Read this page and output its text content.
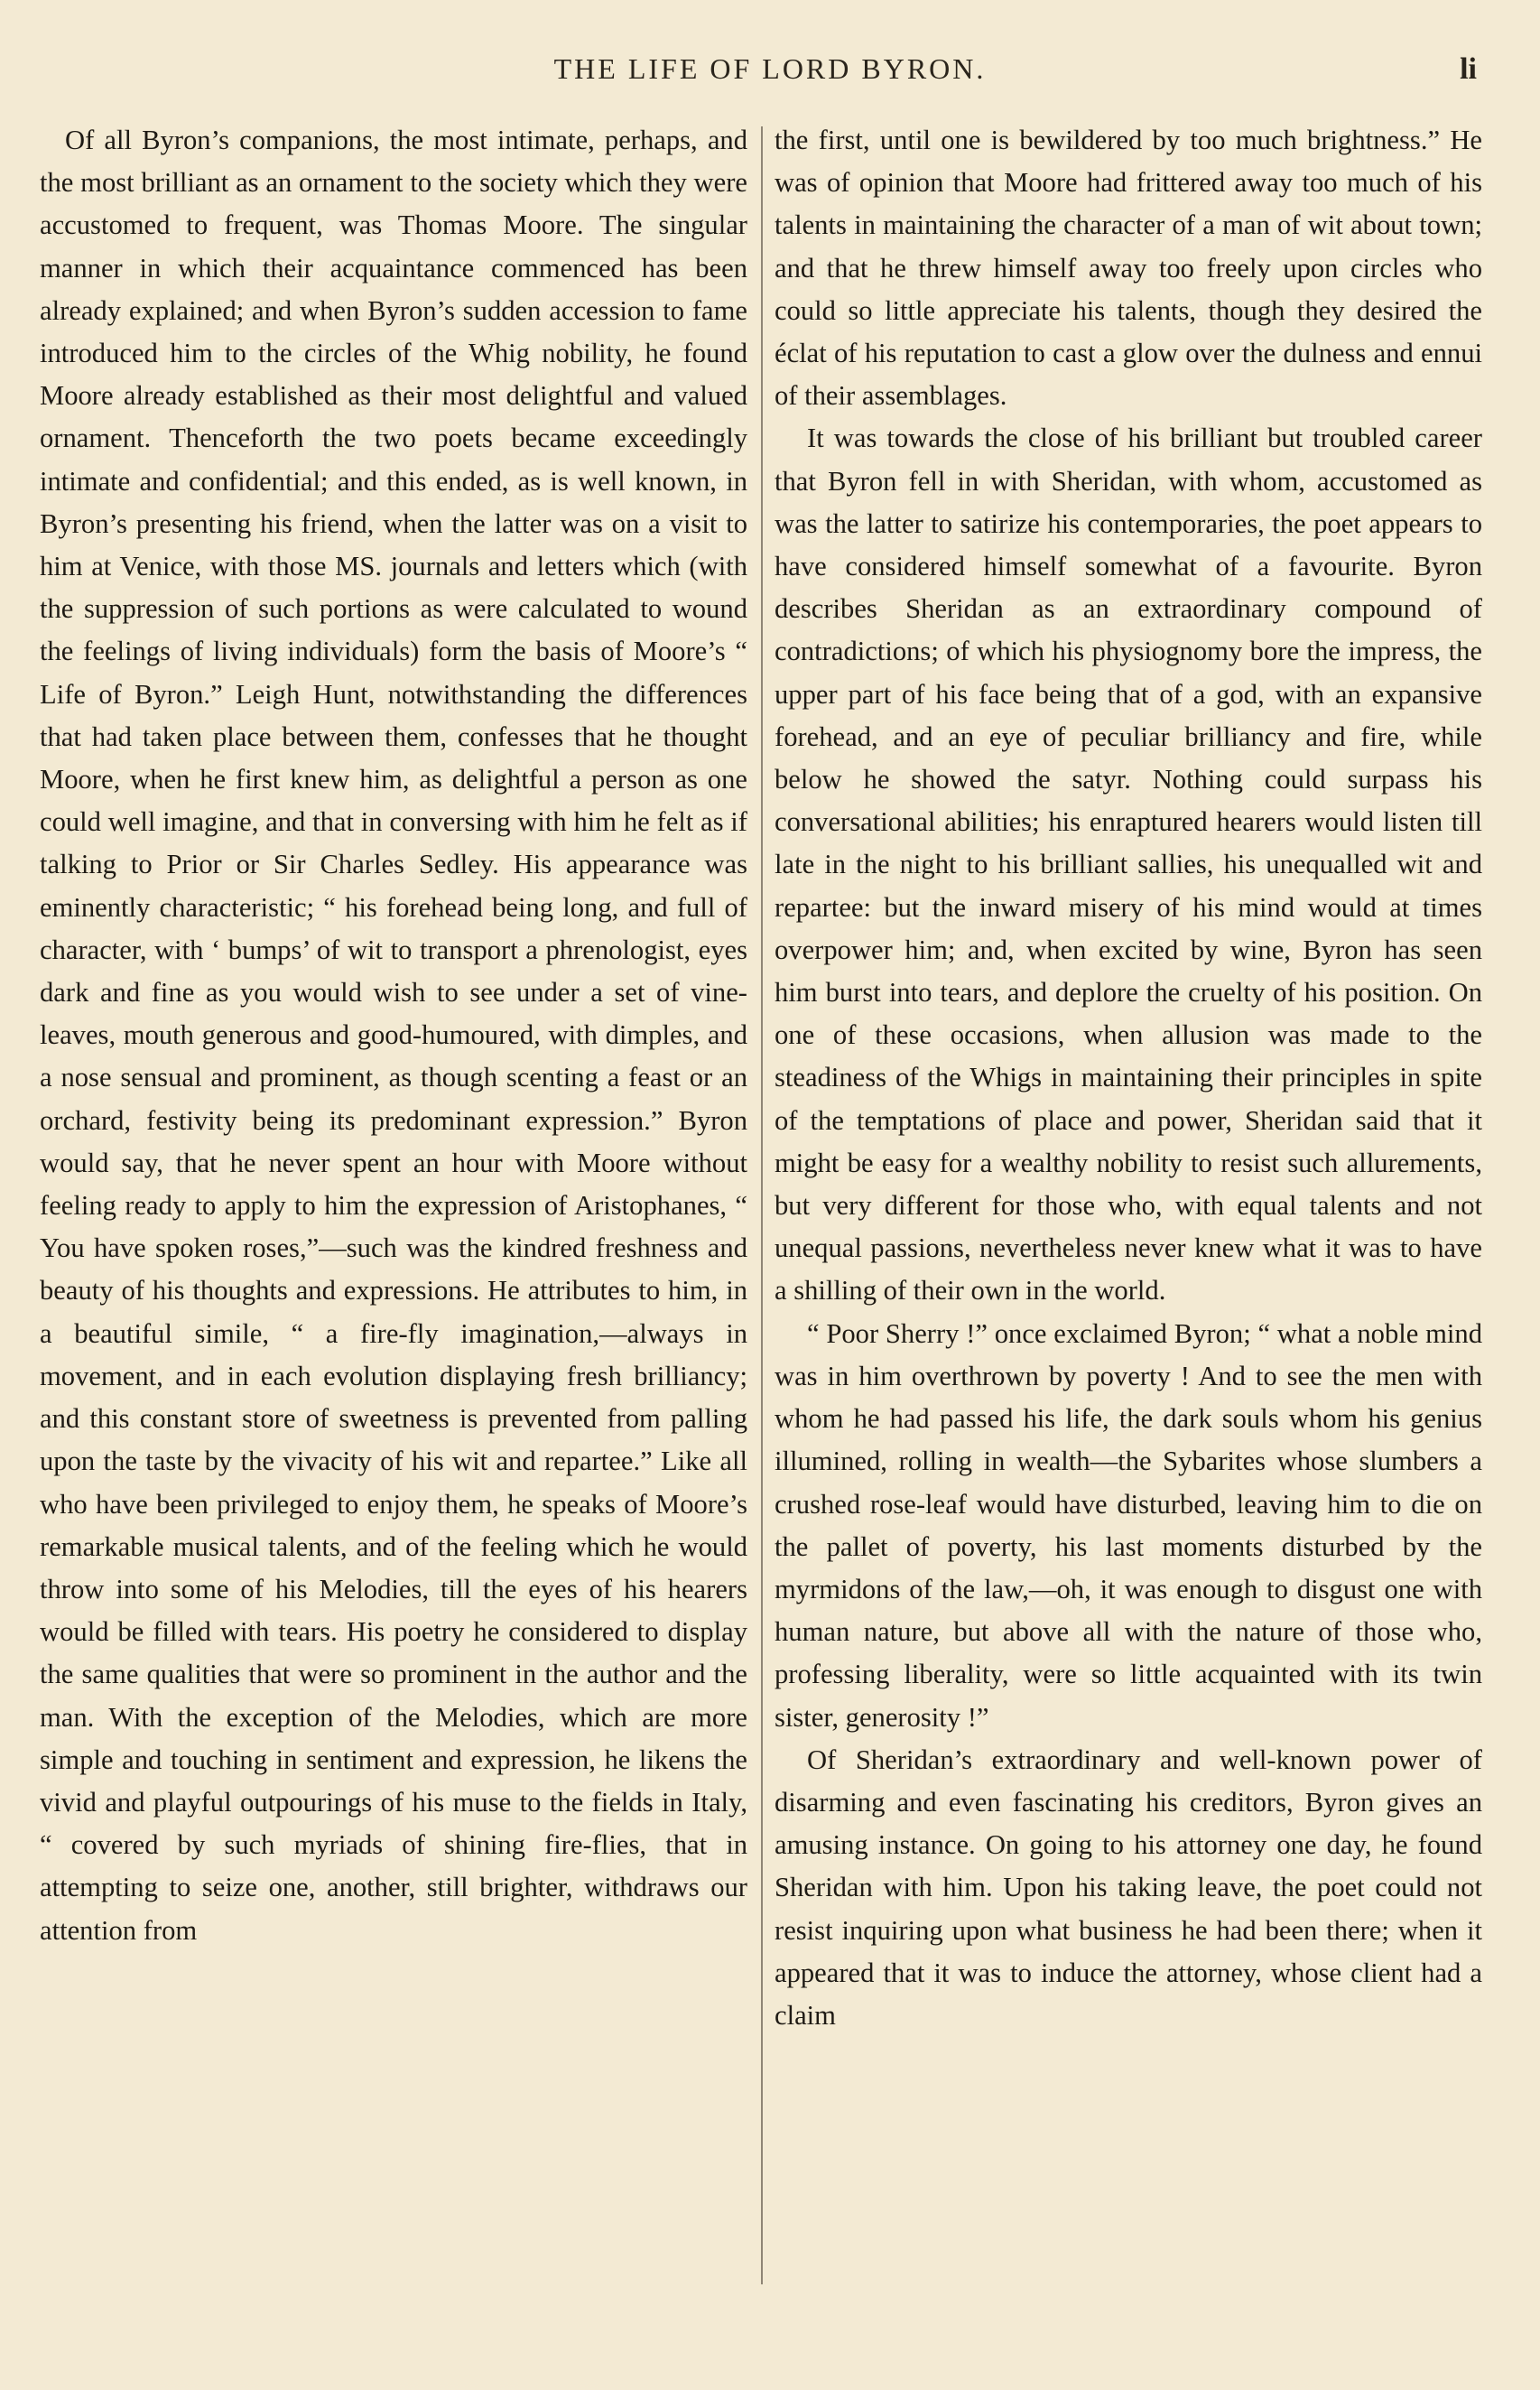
THE LIFE OF LORD BYRON.	li

Of all Byron’s companions, the most intimate, perhaps, and the most brilliant as an ornament to the society which they were accustomed to frequent, was Thomas Moore. The singular manner in which their acquaintance commenced has been already explained; and when Byron’s sudden accession to fame introduced him to the circles of the Whig nobility, he found Moore already established as their most delightful and valued ornament. Thenceforth the two poets became exceedingly intimate and confidential; and this ended, as is well known, in Byron’s presenting his friend, when the latter was on a visit to him at Venice, with those MS. journals and letters which (with the suppression of such portions as were calculated to wound the feelings of living individuals) form the basis of Moore’s “ Life of Byron.” Leigh Hunt, notwithstanding the differences that had taken place between them, confesses that he thought Moore, when he first knew him, as delightful a person as one could well imagine, and that in conversing with him he felt as if talking to Prior or Sir Charles Sedley. His appearance was eminently characteristic; “ his forehead being long, and full of character, with ‘ bumps’ of wit to transport a phrenologist, eyes dark and fine as you would wish to see under a set of vine-leaves, mouth generous and good-humoured, with dimples, and a nose sensual and prominent, as though scenting a feast or an orchard, festivity being its predominant expression.” Byron would say, that he never spent an hour with Moore without feeling ready to apply to him the expression of Aristophanes, “ You have spoken roses,”—such was the kindred freshness and beauty of his thoughts and expressions. He attributes to him, in a beautiful simile, “ a fire-fly imagination,—always in movement, and in each evolution displaying fresh brilliancy; and this constant store of sweetness is prevented from palling upon the taste by the vivacity of his wit and repartee.” Like all who have been privileged to enjoy them, he speaks of Moore’s remarkable musical talents, and of the feeling which he would throw into some of his Melodies, till the eyes of his hearers would be filled with tears. His poetry he considered to display the same qualities that were so prominent in the author and the man. With the exception of the Melodies, which are more simple and touching in sentiment and expression, he likens the vivid and playful outpourings of his muse to the fields in Italy, “ covered by such myriads of shining fire-flies, that in attempting to seize one, another, still brighter, withdraws our attention from

the first, until one is bewildered by too much brightness.” He was of opinion that Moore had frittered away too much of his talents in maintaining the character of a man of wit about town; and that he threw himself away too freely upon circles who could so little appreciate his talents, though they desired the éclat of his reputation to cast a glow over the dulness and ennui of their assemblages.

It was towards the close of his brilliant but troubled career that Byron fell in with Sheridan, with whom, accustomed as was the latter to satirize his contemporaries, the poet appears to have considered himself somewhat of a favourite. Byron describes Sheridan as an extraordinary compound of contradictions; of which his physiognomy bore the impress, the upper part of his face being that of a god, with an expansive forehead, and an eye of peculiar brilliancy and fire, while below he showed the satyr. Nothing could surpass his conversational abilities; his enraptured hearers would listen till late in the night to his brilliant sallies, his unequalled wit and repartee: but the inward misery of his mind would at times overpower him; and, when excited by wine, Byron has seen him burst into tears, and deplore the cruelty of his position. On one of these occasions, when allusion was made to the steadiness of the Whigs in maintaining their principles in spite of the temptations of place and power, Sheridan said that it might be easy for a wealthy nobility to resist such allurements, but very different for those who, with equal talents and not unequal passions, nevertheless never knew what it was to have a shilling of their own in the world.

“ Poor Sherry !” once exclaimed Byron; “ what a noble mind was in him overthrown by poverty ! And to see the men with whom he had passed his life, the dark souls whom his genius illumined, rolling in wealth—the Sybarites whose slumbers a crushed rose-leaf would have disturbed, leaving him to die on the pallet of poverty, his last moments disturbed by the myrmidons of the law,—oh, it was enough to disgust one with human nature, but above all with the nature of those who, professing liberality, were so little acquainted with its twin sister, generosity !”

Of Sheridan’s extraordinary and well-known power of disarming and even fascinating his creditors, Byron gives an amusing instance. On going to his attorney one day, he found Sheridan with him. Upon his taking leave, the poet could not resist inquiring upon what business he had been there; when it appeared that it was to induce the attorney, whose client had a claim
